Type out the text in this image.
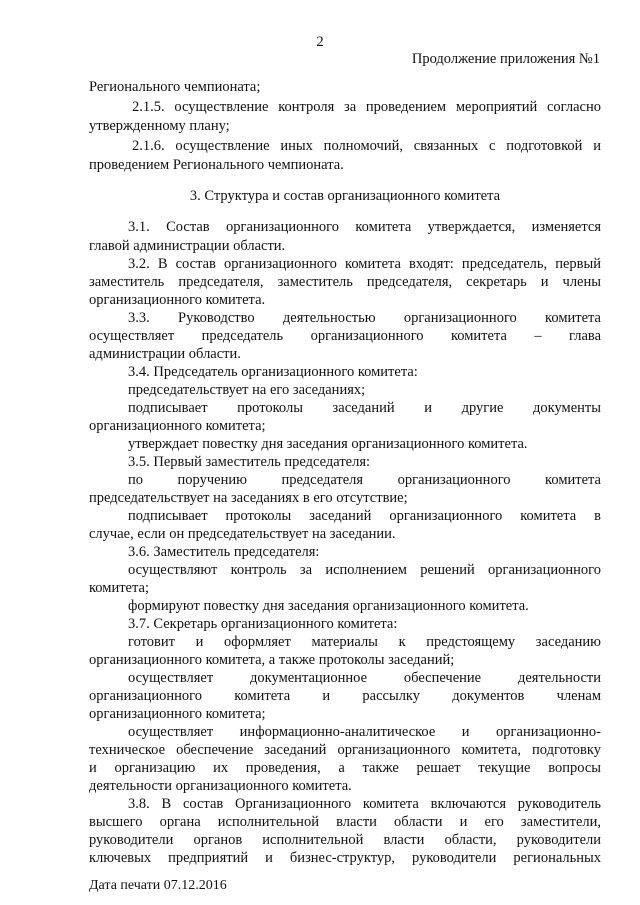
2
Продолжение приложения №1
Регионального чемпионата;
2.1.5. осуществление контроля за проведением мероприятий согласно
утвержденному плану;
2.1.6. осуществление иных полномочий, связанных с подготовкой и
проведением Регионального чемпионата.
3. Структура и состав организационного комитета
3.1. Состав организационного комитета утверждается, изменяется
главой администрации области.
3.2. В состав организационного комитета входят: председатель, первый
заместитель председателя, заместитель председателя, секретарь и члены
организационного комитета.
3.3. Руководство деятельностью организационного комитета
осуществляет председатель организационного комитета – глава
администрации области.
3.4. Председатель организационного комитета:
председательствует на его заседаниях;
подписывает протоколы заседаний и другие документы
организационного комитета;
утверждает повестку дня заседания организационного комитета.
3.5. Первый заместитель председателя:
по поручению председателя организационного комитета
председательствует на заседаниях в его отсутствие;
подписывает протоколы заседаний организационного комитета в
случае, если он председательствует на заседании.
3.6. Заместитель председателя:
осуществляют контроль за исполнением решений организационного
комитета;
формируют повестку дня заседания организационного комитета.
3.7. Секретарь организационного комитета:
готовит и оформляет материалы к предстоящему заседанию
организационного комитета, а также протоколы заседаний;
осуществляет документационное обеспечение деятельности
организационного комитета и рассылку документов членам
организационного комитета;
осуществляет информационно-аналитическое и организационно-
техническое обеспечение заседаний организационного комитета, подготовку
и организацию их проведения, а также решает текущие вопросы
деятельности организационного комитета.
3.8. В состав Организационного комитета включаются руководитель
высшего органа исполнительной власти области и его заместители,
руководители органов исполнительной власти области, руководители
ключевых предприятий и бизнес-структур, руководители региональных
Дата печати 07.12.2016
